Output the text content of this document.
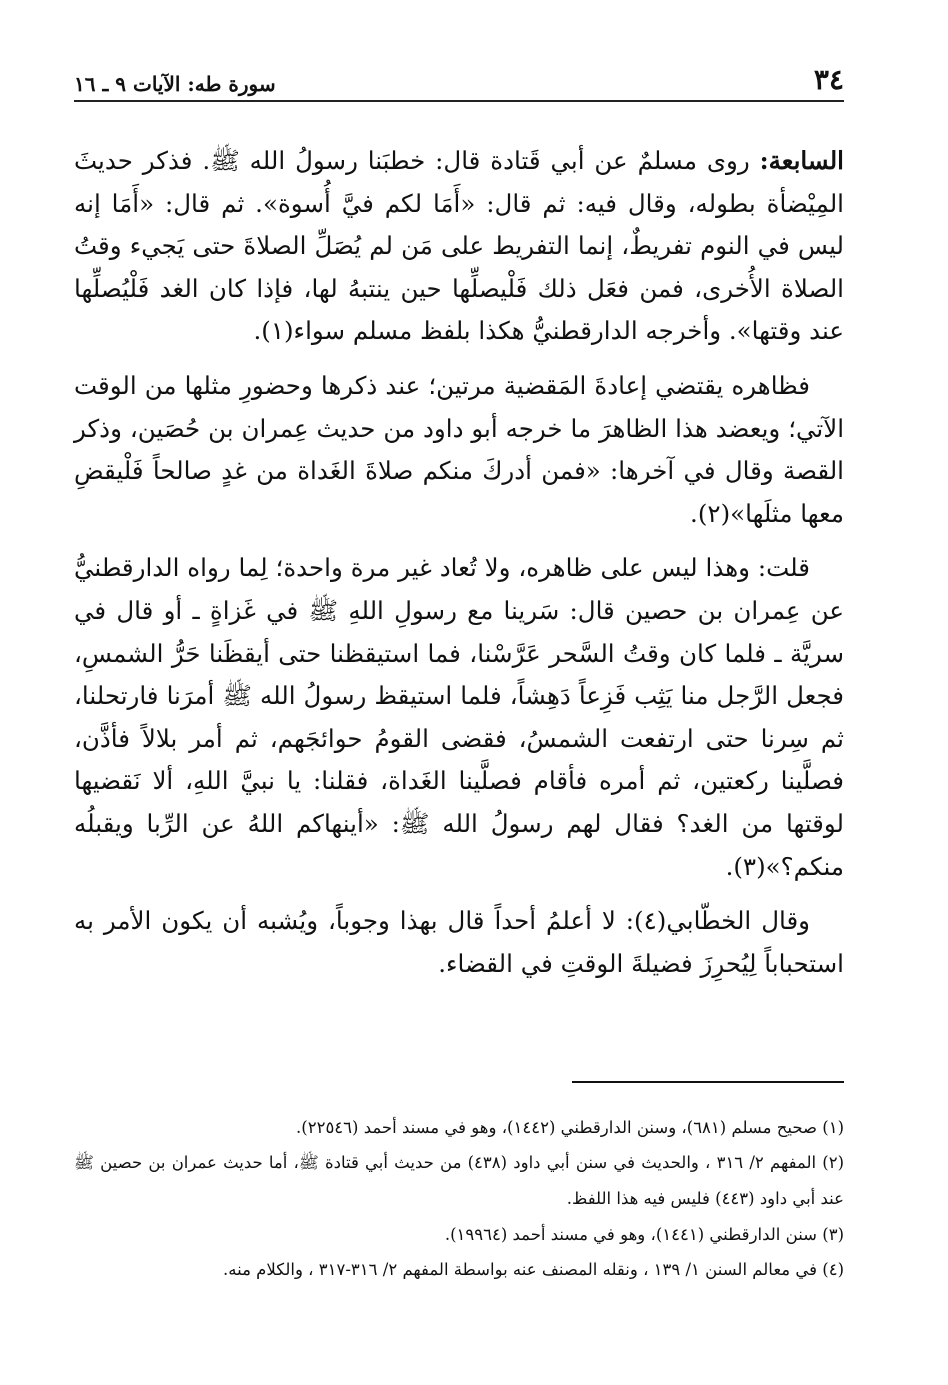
٣٤
سورة طه: الآيات ٩ ـ ١٦

السابعة: روى مسلمٌ عن أبي قَتادة قال: خطبَنا رسولُ الله ﷺ. فذكر حديثَ المِيْضأة بطوله، وقال فيه: ثم قال: «أَمَا لكم فيَّ أُسوة». ثم قال: «أَمَا إنه ليس في النوم تفريطٌ، إنما التفريط على مَن لم يُصَلِّ الصلاةَ حتى يَجيء وقتُ الصلاة الأُخرى، فمن فعَل ذلك فَلْيصلِّها حين ينتبهُ لها، فإذا كان الغد فَلْيُصلِّها عند وقتها». وأخرجه الدارقطنيُّ هكذا بلفظ مسلم سواء(١).

فظاهره يقتضي إعادةَ المَقضية مرتين؛ عند ذكرها وحضورِ مثلها من الوقت الآتي؛ ويعضد هذا الظاهرَ ما خرجه أبو داود من حديث عِمران بن حُصَين، وذكر القصة وقال في آخرها: «فمن أدركَ منكم صلاةَ الغَداة من غدٍ صالحاً فَلْيقضِ معها مثلَها»(٢).

قلت: وهذا ليس على ظاهره، ولا تُعاد غير مرة واحدة؛ لِما رواه الدارقطنيُّ عن عِمران بن حصين قال: سَرينا مع رسولِ اللهِ ﷺ في غَزاةٍ ـ أو قال في سريَّة ـ فلما كان وقتُ السَّحر عَرَّسْنا، فما استيقظنا حتى أيقظَنا حَرُّ الشمسِ، فجعل الرَّجل منا يَثِب فَزِعاً دَهِشاً، فلما استيقظ رسولُ الله ﷺ أمرَنا فارتحلنا، ثم سِرنا حتى ارتفعت الشمسُ، فقضى القومُ حوائجَهم، ثم أمر بلالاً فأذَّن، فصلَّينا ركعتين، ثم أمره فأقام فصلَّينا الغَداة، فقلنا: يا نبيَّ اللهِ، ألا نَقضيها لوقتها من الغد؟ فقال لهم رسولُ الله ﷺ: «أينهاكم اللهُ عن الرِّبا ويقبلُه منكم؟»(٣).

وقال الخطّابي(٤): لا أعلمُ أحداً قال بهذا وجوباً، ويُشبه أن يكون الأمر به استحباباً لِيُحرِزَ فضيلةَ الوقتِ في القضاء.

(١) صحيح مسلم (٦٨١)، وسنن الدارقطني (١٤٤٢)، وهو في مسند أحمد (٢٢٥٤٦).

(٢) المفهم ٢/ ٣١٦ ، والحديث في سنن أبي داود (٤٣٨) من حديث أبي قتادة ﷺ، أما حديث عمران بن حصين ﷺ عند أبي داود (٤٤٣) فليس فيه هذا اللفظ.

(٣) سنن الدارقطني (١٤٤١)، وهو في مسند أحمد (١٩٩٦٤).

(٤) في معالم السنن ١/ ١٣٩ ، ونقله المصنف عنه بواسطة المفهم ٢/ ٣١٦-٣١٧ ، والكلام منه.
